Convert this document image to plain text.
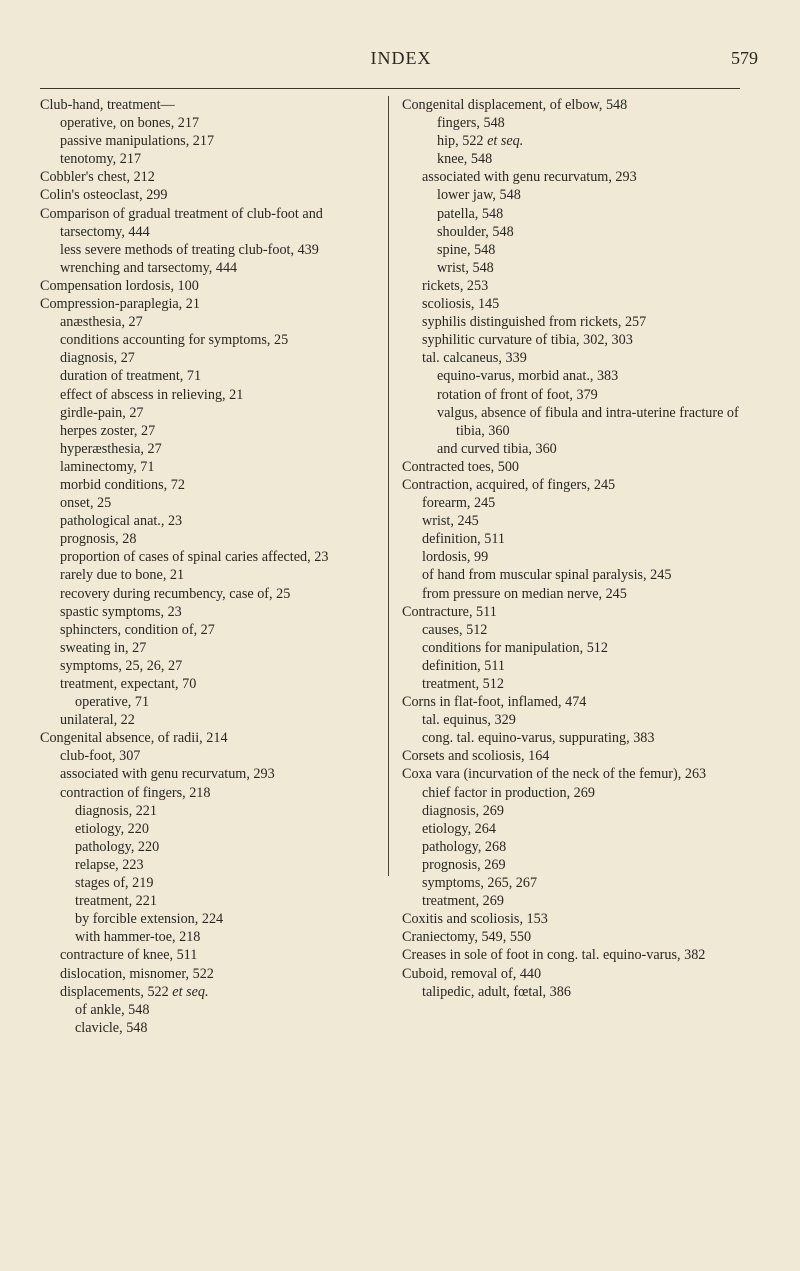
INDEX	579

Club-hand, treatment—

operative, on bones, 217

passive manipulations, 217

tenotomy, 217

Cobbler's chest, 212

Colin's osteoclast, 299

Comparison of gradual treatment of club-foot and tarsectomy, 444

less severe methods of treating club-foot, 439

wrenching and tarsectomy, 444

Compensation lordosis, 100

Compression-paraplegia, 21

anæsthesia, 27

conditions accounting for symptoms, 25

diagnosis, 27

duration of treatment, 71

effect of abscess in relieving, 21

girdle-pain, 27

herpes zoster, 27

hyperæsthesia, 27

laminectomy, 71

morbid conditions, 72

onset, 25

pathological anat., 23

prognosis, 28

proportion of cases of spinal caries affected, 23

rarely due to bone, 21

recovery during recumbency, case of, 25

spastic symptoms, 23

sphincters, condition of, 27

sweating in, 27

symptoms, 25, 26, 27

treatment, expectant, 70

operative, 71

unilateral, 22

Congenital absence, of radii, 214

club-foot, 307

associated with genu recurvatum, 293

contraction of fingers, 218

diagnosis, 221

etiology, 220

pathology, 220

relapse, 223

stages of, 219

treatment, 221

by forcible extension, 224

with hammer-toe, 218

contracture of knee, 511

dislocation, misnomer, 522

displacements, 522 et seq.

of ankle, 548

clavicle, 548

Congenital displacement, of elbow, 548

fingers, 548

hip, 522 et seq.

knee, 548

associated with genu recurvatum, 293

lower jaw, 548

patella, 548

shoulder, 548

spine, 548

wrist, 548

rickets, 253

scoliosis, 145

syphilis distinguished from rickets, 257

syphilitic curvature of tibia, 302, 303

tal. calcaneus, 339

equino-varus, morbid anat., 383

rotation of front of foot, 379

valgus, absence of fibula and intra-uterine fracture of tibia, 360

and curved tibia, 360

Contracted toes, 500

Contraction, acquired, of fingers, 245

forearm, 245

wrist, 245

definition, 511

lordosis, 99

of hand from muscular spinal paralysis, 245

from pressure on median nerve, 245

Contracture, 511

causes, 512

conditions for manipulation, 512

definition, 511

treatment, 512

Corns in flat-foot, inflamed, 474

tal. equinus, 329

cong. tal. equino-varus, suppurating, 383

Corsets and scoliosis, 164

Coxa vara (incurvation of the neck of the femur), 263

chief factor in production, 269

diagnosis, 269

etiology, 264

pathology, 268

prognosis, 269

symptoms, 265, 267

treatment, 269

Coxitis and scoliosis, 153

Craniectomy, 549, 550

Creases in sole of foot in cong. tal. equino-varus, 382

Cuboid, removal of, 440

talipedic, adult, fœtal, 386
